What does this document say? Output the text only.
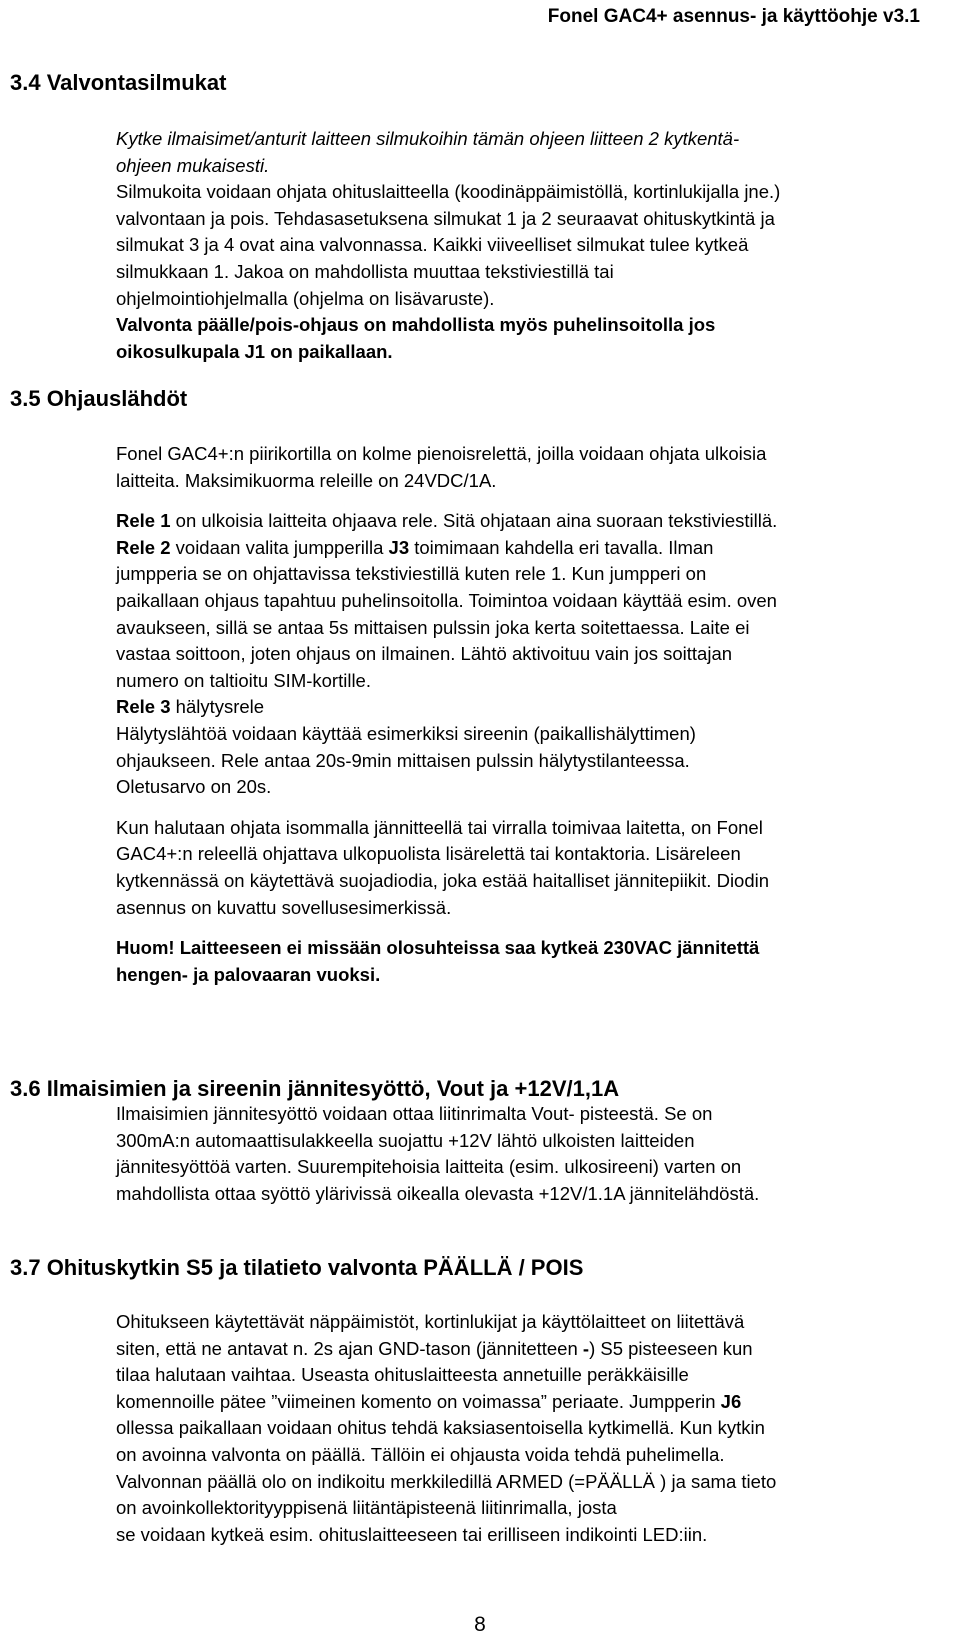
Fonel GAC4+ asennus- ja käyttöohje v3.1
3.4 Valvontasilmukat
Kytke ilmaisimet/anturit laitteen silmukoihin tämän ohjeen liitteen 2 kytkentä-
ohjeen mukaisesti.
Silmukoita voidaan ohjata ohituslaitteella (koodinäppäimistöllä, kortinlukijalla jne.)
valvontaan ja pois. Tehdasasetuksena silmukat 1 ja 2 seuraavat ohituskytkintä ja
silmukat 3 ja 4 ovat aina valvonnassa. Kaikki viiveelliset silmukat tulee kytkeä
silmukkaan 1. Jakoa on mahdollista muuttaa tekstiviestillä tai
ohjelmointiohjelmalla (ohjelma on lisävaruste).
Valvonta päälle/pois-ohjaus on mahdollista myös puhelinsoitolla jos
oikosulkupala J1 on paikallaan.
3.5 Ohjauslähdöt
Fonel GAC4+:n piirikortilla on kolme pienoisrelettä, joilla voidaan ohjata ulkoisia
laitteita. Maksimikuorma releille on 24VDC/1A.
Rele 1 on ulkoisia laitteita ohjaava rele. Sitä ohjataan aina suoraan tekstiviestillä.
Rele 2 voidaan valita jumpperilla J3 toimimaan kahdella eri tavalla. Ilman
jumpperia se on ohjattavissa tekstiviestillä kuten rele 1. Kun jumpperi on
paikallaan ohjaus tapahtuu puhelinsoitolla. Toimintoa voidaan käyttää esim. oven
avaukseen, sillä se antaa 5s mittaisen pulssin joka kerta soitettaessa. Laite ei
vastaa soittoon, joten ohjaus on ilmainen. Lähtö aktivoituu vain jos soittajan
numero on taltioitu SIM-kortille.
Rele 3 hälytysrele
Hälytyslähtöä voidaan käyttää esimerkiksi sireenin (paikallishälyttimen)
ohjaukseen. Rele antaa 20s-9min mittaisen pulssin hälytystilanteessa.
Oletusarvo on 20s.
Kun halutaan ohjata isommalla jännitteellä tai virralla toimivaa laitetta, on Fonel
GAC4+:n releellä ohjattava ulkopuolista lisärelettä tai kontaktoria. Lisäreleen
kytkennässä on käytettävä suojadiodia, joka estää haitalliset jännitepiikit. Diodin
asennus on kuvattu sovellusesimerkissä.
Huom! Laitteeseen ei missään olosuhteissa saa kytkeä 230VAC jännitettä
hengen- ja palovaaran vuoksi.
3.6 Ilmaisimien ja sireenin jännitesyöttö, Vout ja +12V/1,1A
Ilmaisimien jännitesyöttö voidaan ottaa liitinrimalta Vout- pisteestä. Se on
300mA:n automaattisulakkeella suojattu +12V lähtö ulkoisten laitteiden
jännitesyöttöä varten. Suurempitehoisia laitteita (esim. ulkosireeni) varten on
mahdollista ottaa syöttö ylärivissä oikealla olevasta +12V/1.1A jännitelähdöstä.
3.7 Ohituskytkin S5 ja tilatieto valvonta PÄÄLLÄ / POIS
Ohitukseen käytettävät näppäimistöt, kortinlukijat ja käyttölaitteet on liitettävä
siten, että ne antavat n. 2s ajan GND-tason (jännitetteen -) S5 pisteeseen kun
tilaa halutaan vaihtaa. Useasta ohituslaitteesta annetuille peräkkäisille
komennoille pätee ”viimeinen komento on voimassa” periaate. Jumpperin J6
ollessa paikallaan voidaan ohitus tehdä kaksiasentoisella kytkimellä. Kun kytkin
on avoinna valvonta on päällä. Tällöin ei ohjausta voida tehdä puhelimella.
Valvonnan päällä olo on indikoitu merkkiledillä ARMED (=PÄÄLLÄ ) ja sama tieto
on avoinkollektorityyppisenä liitäntäpisteenä liitinrimalla, josta
se voidaan kytkeä esim. ohituslaitteeseen tai erilliseen indikointi LED:iin.
8
